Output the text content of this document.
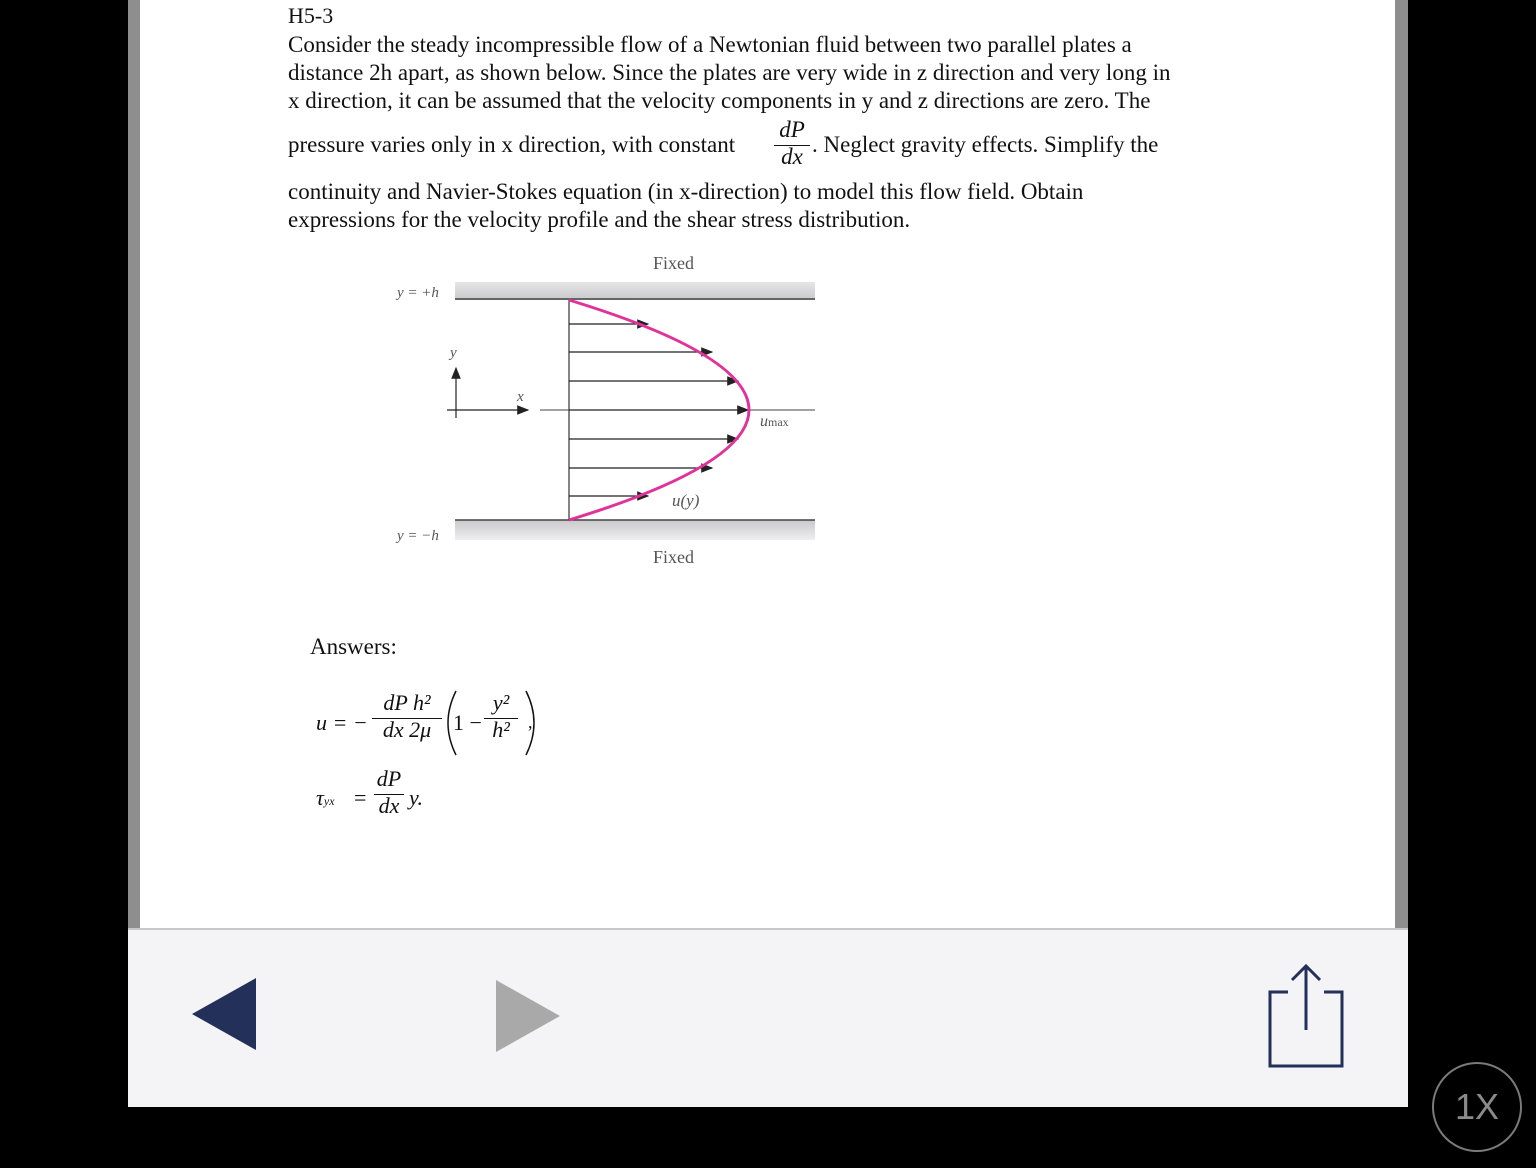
H5-3
Consider the steady incompressible flow of a Newtonian fluid between two parallel plates a
distance 2h apart, as shown below. Since the plates are very wide in z direction and very long in
x direction, it can be assumed that the velocity components in y and z directions are zero. The
pressure varies only in x direction, with constant
dP
dx . Neglect gravity effects. Simplify the
continuity and Navier-Stokes equation (in x-direction) to model this flow field. Obtain
expressions for the velocity profile and the shear stress distribution.
Fixed
Fixed
y = +h
y = −h
y
x
umax
u(y)
Answers:
u = −
dP h²
dx 2μ 1 −
y²
h²	,
τyx =
dP
dx y.
1X
